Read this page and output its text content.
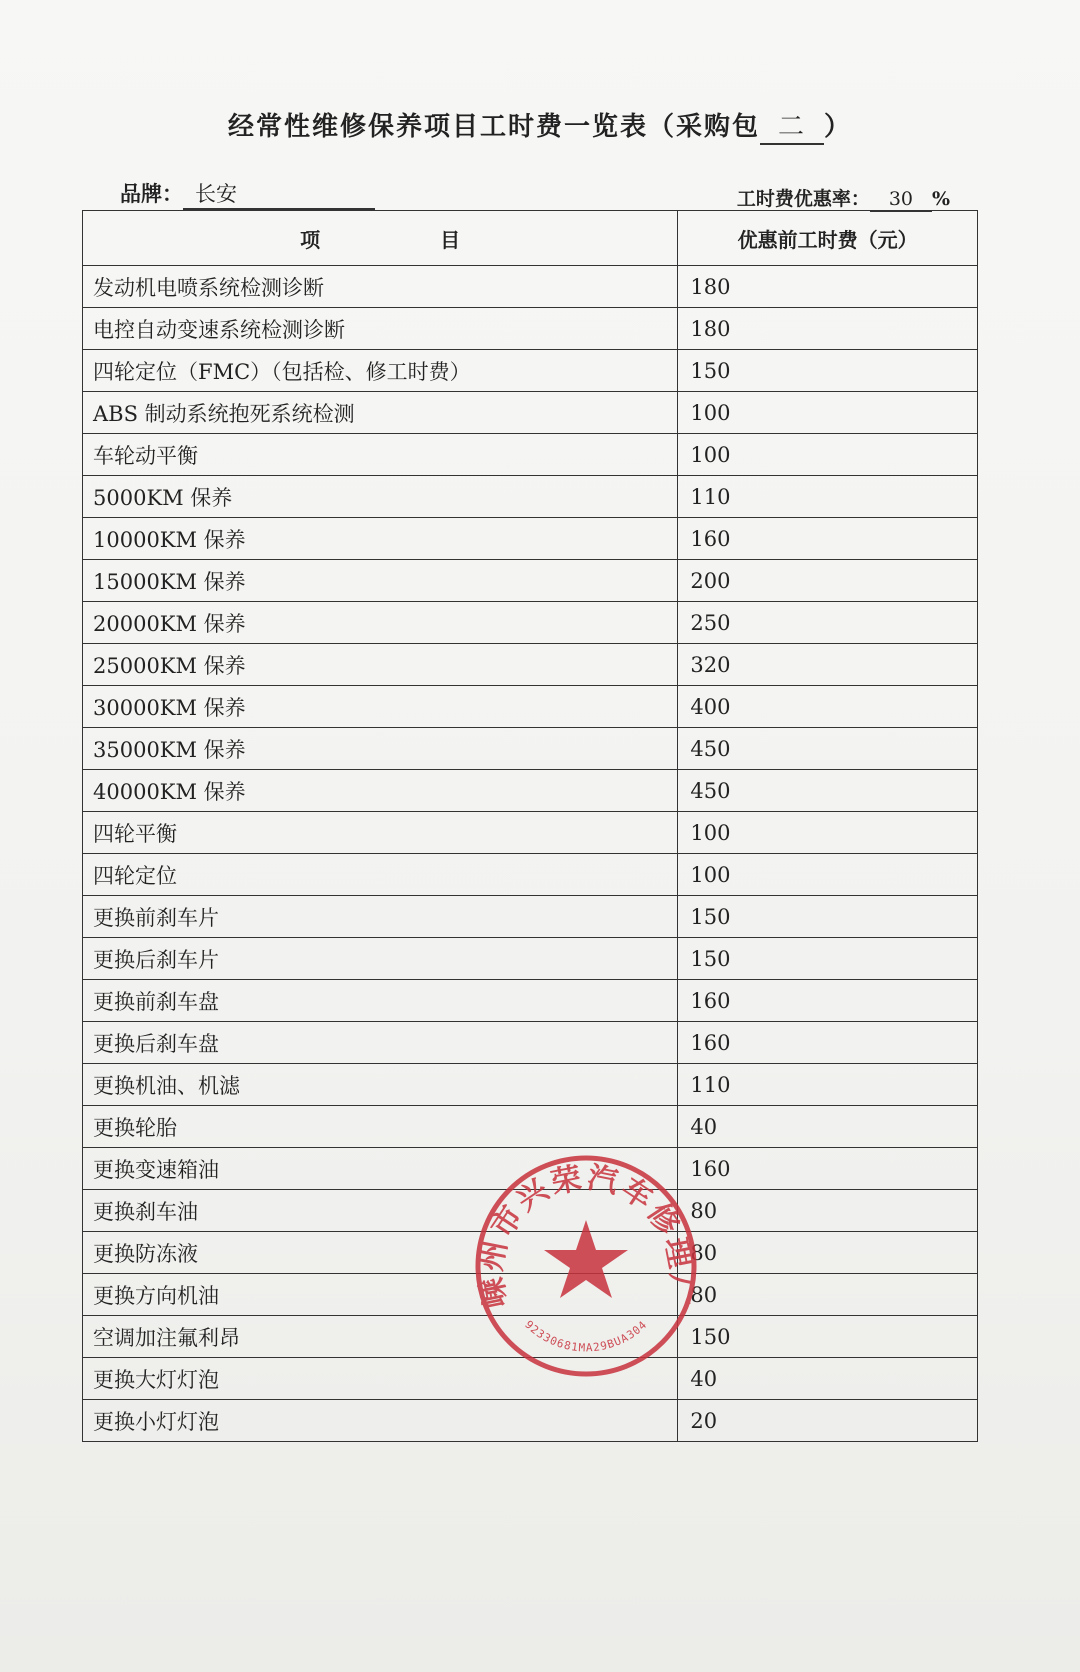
经常性维修保养项目工时费一览表（采购包 二 ）
品牌： 长安	工时费优惠率： 30 %
项　　　　　　目	优惠前工时费（元）
发动机电喷系统检测诊断	180
电控自动变速系统检测诊断	180
四轮定位（FMC）（包括检、修工时费）	150
ABS 制动系统抱死系统检测	100
车轮动平衡	100
5000KM 保养	110
10000KM 保养	160
15000KM 保养	200
20000KM 保养	250
25000KM 保养	320
30000KM 保养	400
35000KM 保养	450
40000KM 保养	450
四轮平衡	100
四轮定位	100
更换前刹车片	150
更换后刹车片	150
更换前刹车盘	160
更换后刹车盘	160
更换机油、机滤	110
更换轮胎	40
更换变速箱油	160
更换刹车油	80
更换防冻液	80
更换方向机油	80
空调加注氟利昂	150
更换大灯灯泡	40
更换小灯灯泡	20
嵊州市兴荣汽车修理厂
92330681MA29BUA304
